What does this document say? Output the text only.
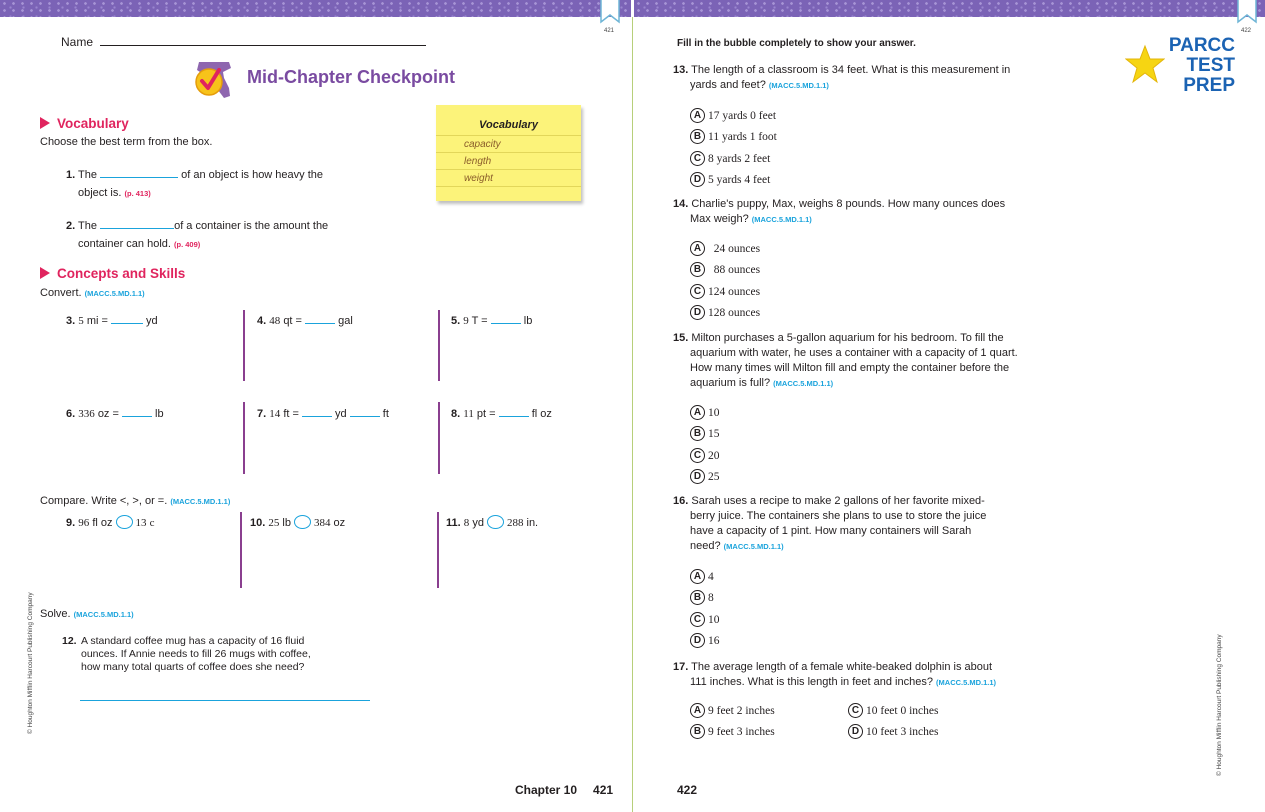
421	422
Name
Mid-Chapter Checkpoint
Vocabulary
Choose the best term from the box.
Vocabulary
capacity
length
weight
1. The	of an object is how heavy the
object is. (p. 413)
2. The	of a container is the amount the
container can hold. (p. 409)
Concepts and Skills
Convert. (MACC.5.MD.1.1)
3. 5 mi =	yd	4. 48 qt =	gal	5. 9 T =	lb
6. 336 oz =	lb	7. 14 ft =	yd	ft	8. 11 pt =	fl oz
Compare. Write <, >, or =. (MACC.5.MD.1.1)
9. 96 fl oz 13 c	10. 25 lb 384 oz	11. 8 yd 288 in.
Solve. (MACC.5.MD.1.1)
12. A standard coffee mug has a capacity of 16 fluid
ounces. If Annie needs to fill 26 mugs with coffee,
how many total quarts of coffee does she need?
© Houghton Mifflin Harcourt Publishing Company
Chapter 10 421
Fill in the bubble completely to show your answer.	PARCC
TEST
PREP
13. The length of a classroom is 34 feet. What is this measurement in
yards and feet? (MACC.5.MD.1.1)
A 17 yards 0 feet
B 11 yards 1 foot
C 8 yards 2 feet
D 5 yards 4 feet
14. Charlie's puppy, Max, weighs 8 pounds. How many ounces does
Max weigh? (MACC.5.MD.1.1)
A 24 ounces
B 88 ounces
C 124 ounces
D 128 ounces
15. Milton purchases a 5-gallon aquarium for his bedroom. To fill the
aquarium with water, he uses a container with a capacity of 1 quart.
How many times will Milton fill and empty the container before the
aquarium is full? (MACC.5.MD.1.1)
A 10
B 15
C 20
D 25
16. Sarah uses a recipe to make 2 gallons of her favorite mixed-
berry juice. The containers she plans to use to store the juice
have a capacity of 1 pint. How many containers will Sarah
need? (MACC.5.MD.1.1)
A 4
B 8
C 10
D 16
17. The average length of a female white-beaked dolphin is about
111 inches. What is this length in feet and inches? (MACC.5.MD.1.1)
A 9 feet 2 inches
B 9 feet 3 inches
C 10 feet 0 inches
D 10 feet 3 inches	© Houghton Mifflin Harcourt Publishing Company
422
